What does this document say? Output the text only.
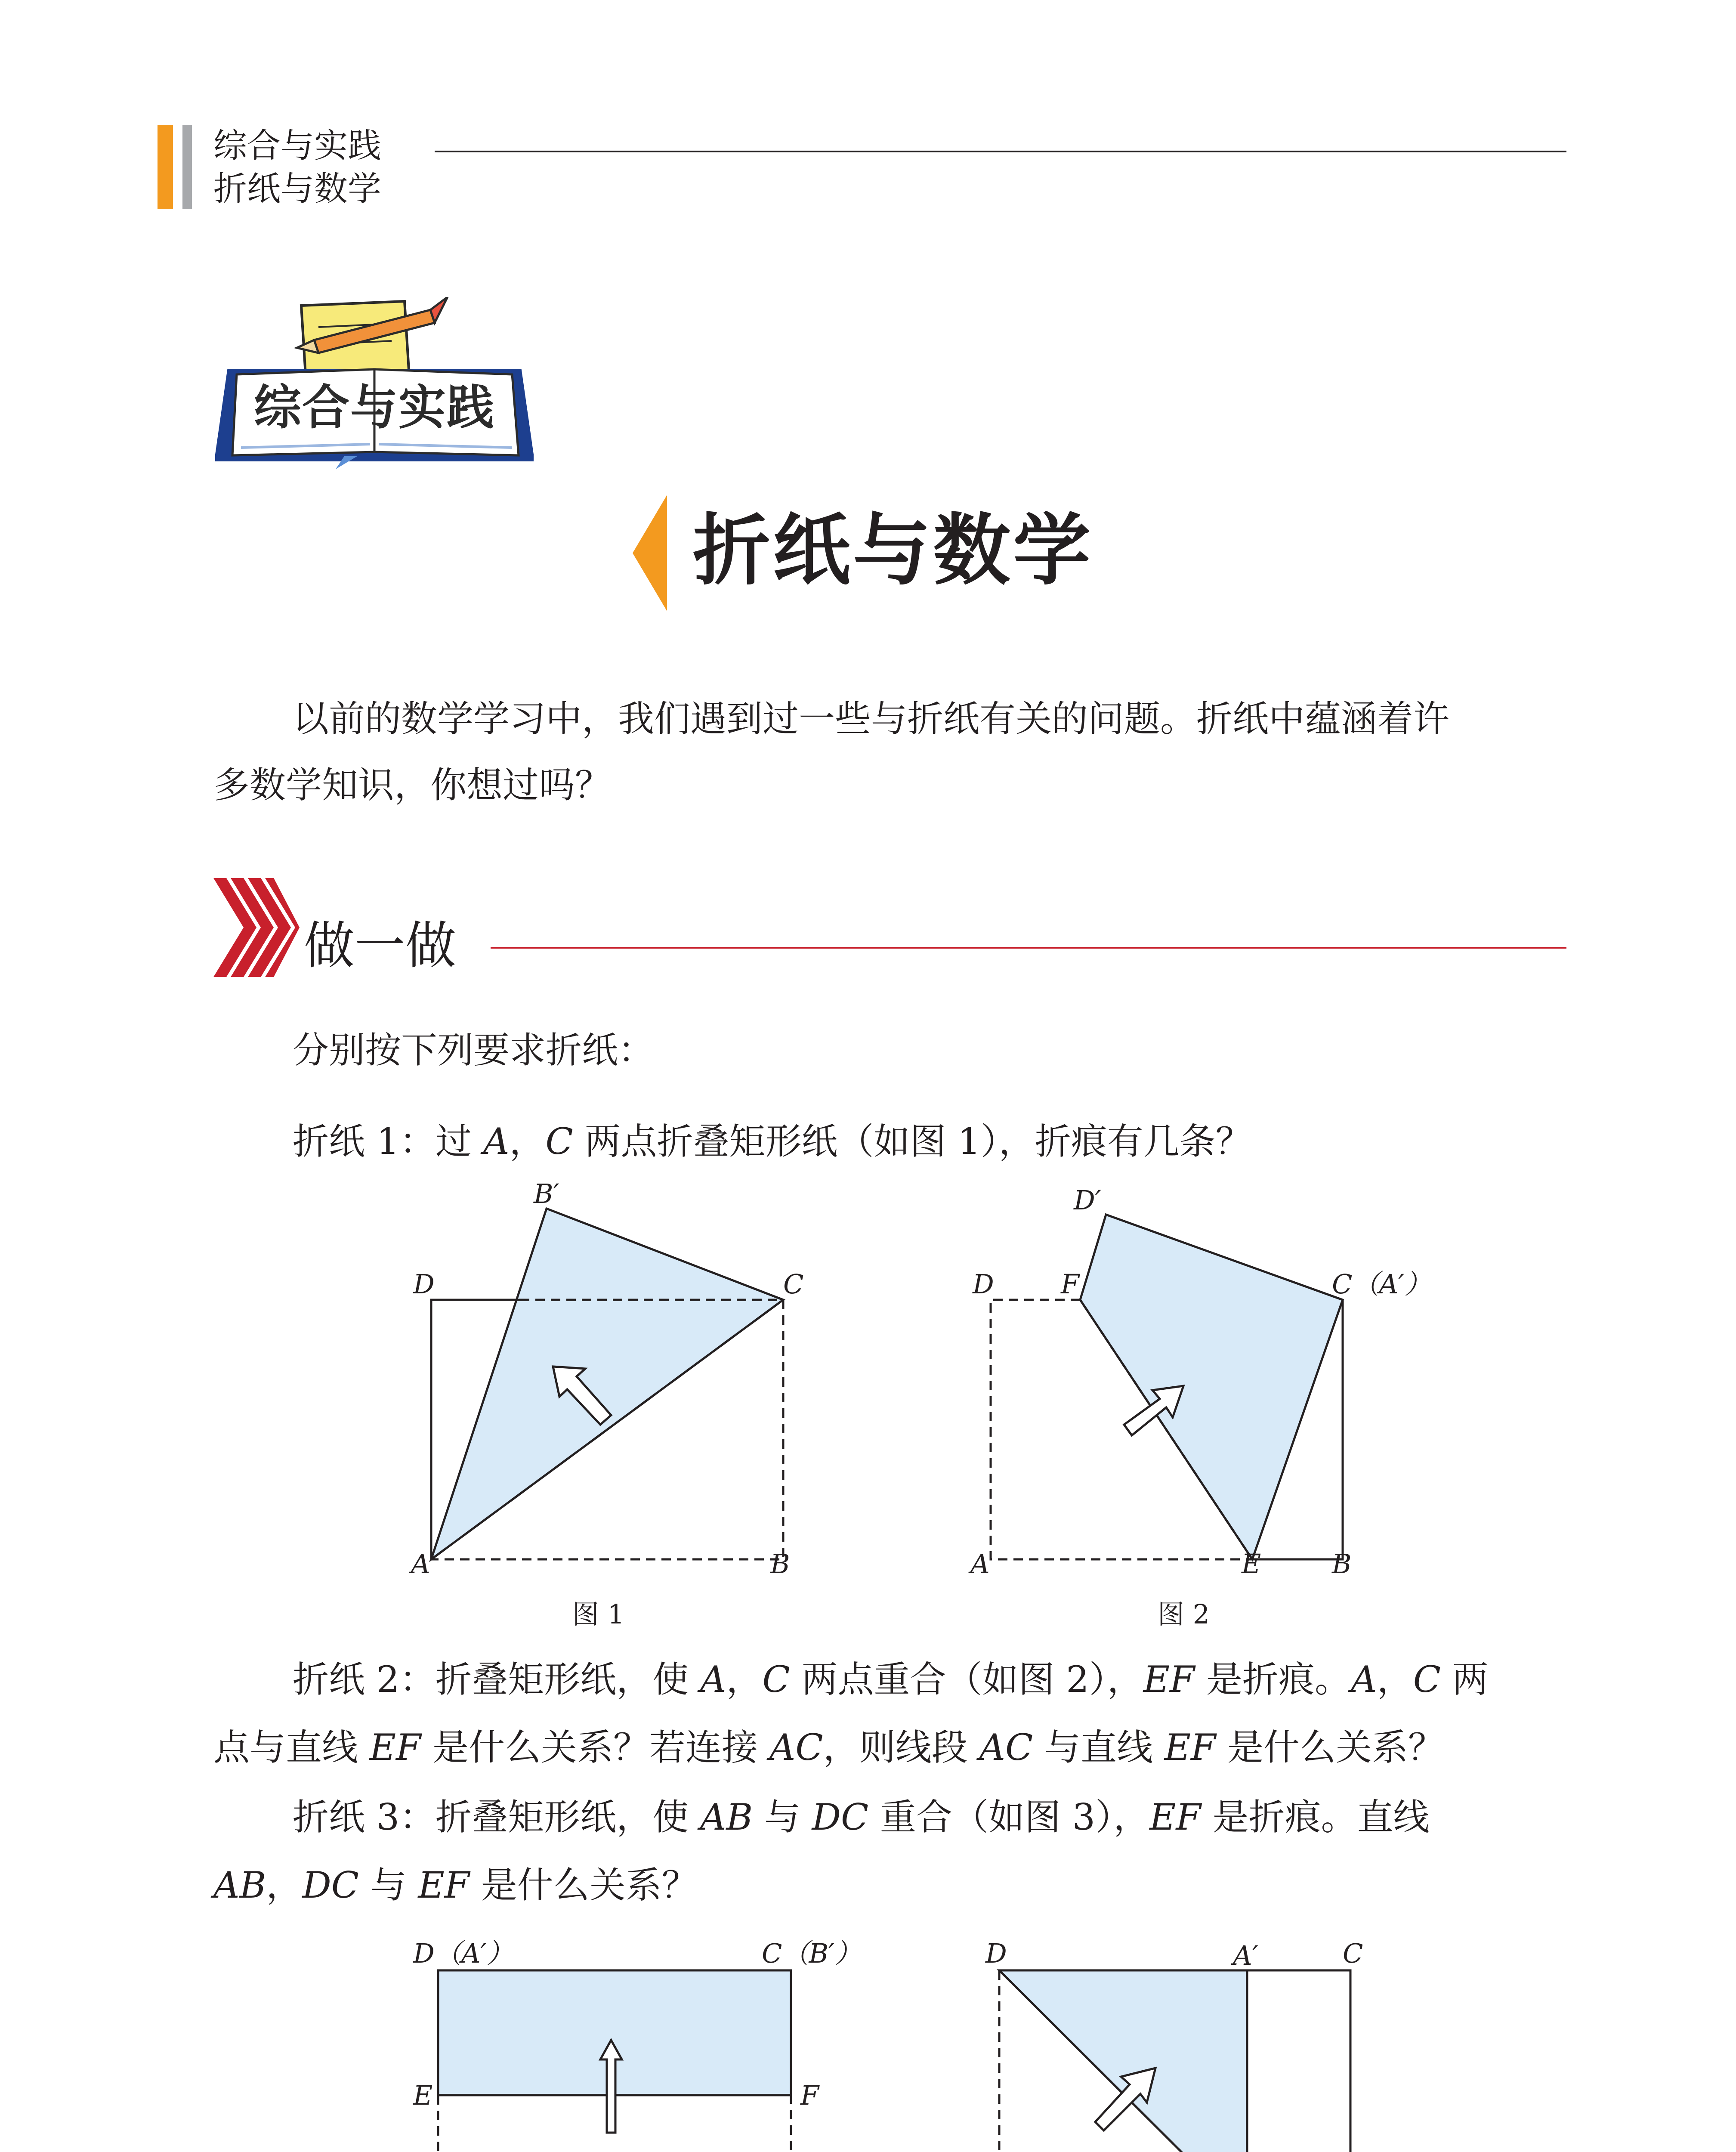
综合与实践
折纸与数学
综合与实践
折纸与数学
以前的数学学习中，我们遇到过一些与折纸有关的问题。折纸中蕴涵着许
多数学知识，你想过吗？
做一做
分别按下列要求折纸：
折纸 1：过 A，C 两点折叠矩形纸（如图 1），折痕有几条？
B′
D	C
A	B
图 1
D′
D	F	C（A′）
A	E	B
图 2
折纸 2：折叠矩形纸，使 A，C 两点重合（如图 2），EF 是折痕。A，C 两
点与直线 EF 是什么关系？若连接 AC，则线段 AC 与直线 EF 是什么关系？
折纸 3：折叠矩形纸，使 AB 与 DC 重合（如图 3），EF 是折痕。直线
AB，DC 与 EF 是什么关系？
D（A′）	C（B′）
E	F
D	A′	C
